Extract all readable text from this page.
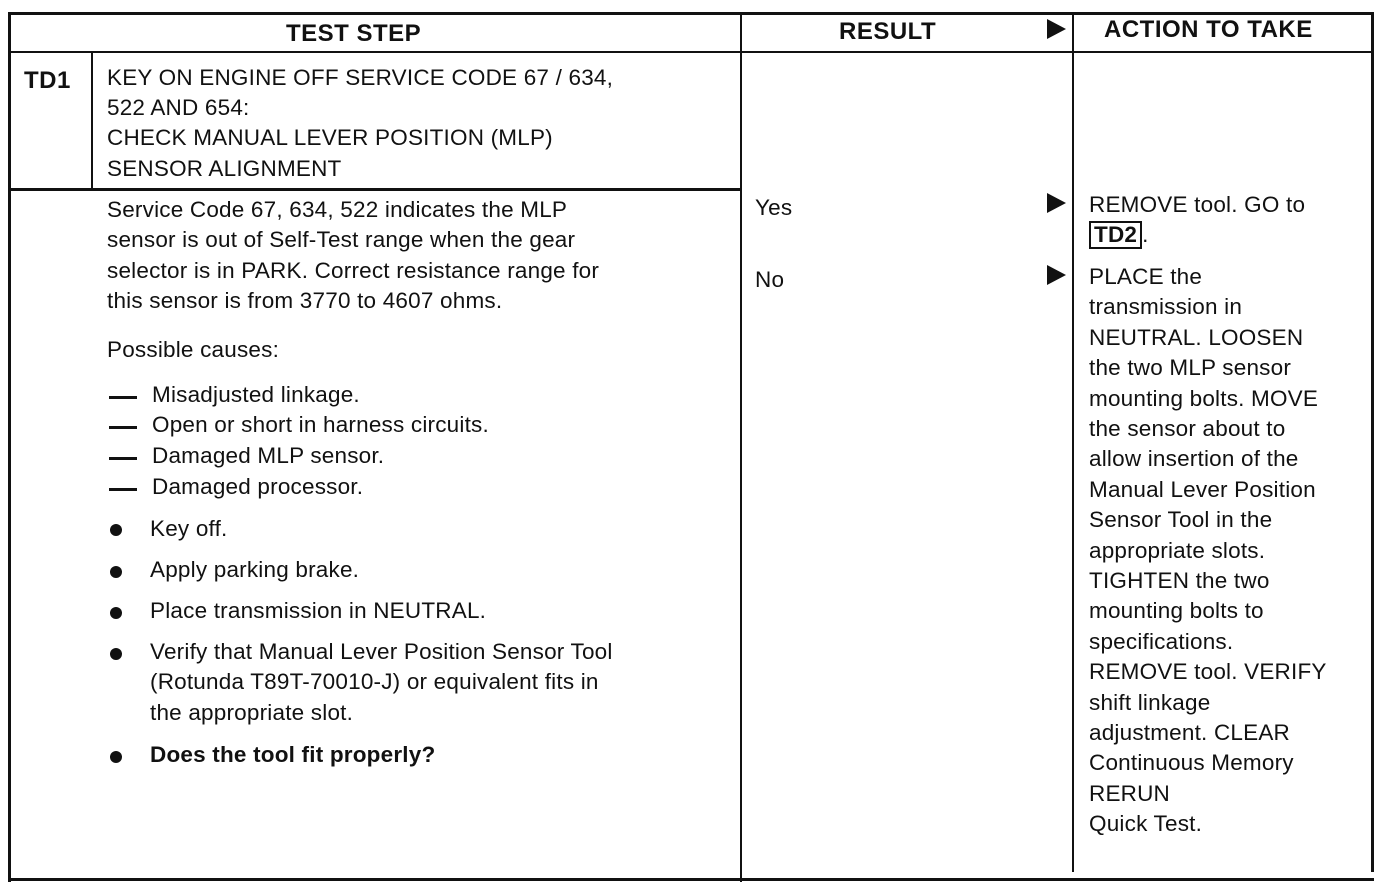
TEST STEP	RESULT	ACTION TO TAKE
TD1 KEY ON ENGINE OFF SERVICE CODE 67 / 634,
522 AND 654:
CHECK MANUAL LEVER POSITION (MLP)
SENSOR ALIGNMENT
Service Code 67, 634, 522 indicates the MLP
sensor is out of Self-Test range when the gear
selector is in PARK. Correct resistance range for
this sensor is from 3770 to 4607 ohms.
Possible causes:
Misadjusted linkage.
Open or short in harness circuits.
Damaged MLP sensor.
Damaged processor.
Key off.
Apply parking brake.
Place transmission in NEUTRAL.
Verify that Manual Lever Position Sensor Tool
(Rotunda T89T-70010-J) or equivalent fits in
the appropriate slot.
Does the tool fit properly?
Yes
No
REMOVE tool. GO to
TD2 .
PLACE the
transmission in
NEUTRAL. LOOSEN
the two MLP sensor
mounting bolts. MOVE
the sensor about to
allow insertion of the
Manual Lever Position
Sensor Tool in the
appropriate slots.
TIGHTEN the two
mounting bolts to
specifications.
REMOVE tool. VERIFY
shift linkage
adjustment. CLEAR
Continuous Memory
RERUN
Quick Test.
